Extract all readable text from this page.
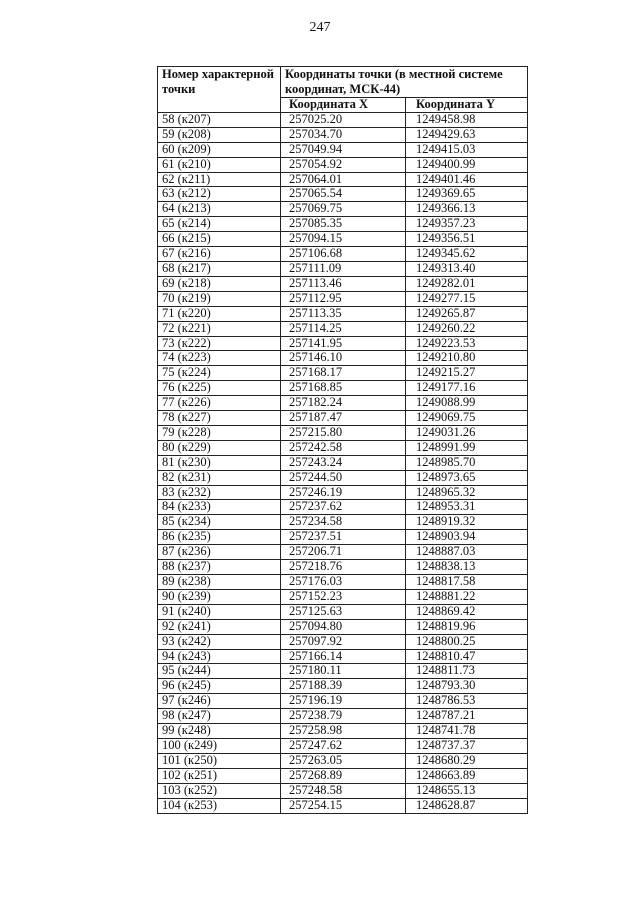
247
Номер характерной точки	Координаты точки (в местной системе координат, МСК-44)	
	Координата X	Координата Y
58 (к207)	257025.20	1249458.98
59 (к208)	257034.70	1249429.63
60 (к209)	257049.94	1249415.03
61 (к210)	257054.92	1249400.99
62 (к211)	257064.01	1249401.46
63 (к212)	257065.54	1249369.65
64 (к213)	257069.75	1249366.13
65 (к214)	257085.35	1249357.23
66 (к215)	257094.15	1249356.51
67 (к216)	257106.68	1249345.62
68 (к217)	257111.09	1249313.40
69 (к218)	257113.46	1249282.01
70 (к219)	257112.95	1249277.15
71 (к220)	257113.35	1249265.87
72 (к221)	257114.25	1249260.22
73 (к222)	257141.95	1249223.53
74 (к223)	257146.10	1249210.80
75 (к224)	257168.17	1249215.27
76 (к225)	257168.85	1249177.16
77 (к226)	257182.24	1249088.99
78 (к227)	257187.47	1249069.75
79 (к228)	257215.80	1249031.26
80 (к229)	257242.58	1248991.99
81 (к230)	257243.24	1248985.70
82 (к231)	257244.50	1248973.65
83 (к232)	257246.19	1248965.32
84 (к233)	257237.62	1248953.31
85 (к234)	257234.58	1248919.32
86 (к235)	257237.51	1248903.94
87 (к236)	257206.71	1248887.03
88 (к237)	257218.76	1248838.13
89 (к238)	257176.03	1248817.58
90 (к239)	257152.23	1248881.22
91 (к240)	257125.63	1248869.42
92 (к241)	257094.80	1248819.96
93 (к242)	257097.92	1248800.25
94 (к243)	257166.14	1248810.47
95 (к244)	257180.11	1248811.73
96 (к245)	257188.39	1248793.30
97 (к246)	257196.19	1248786.53
98 (к247)	257238.79	1248787.21
99 (к248)	257258.98	1248741.78
100 (к249)	257247.62	1248737.37
101 (к250)	257263.05	1248680.29
102 (к251)	257268.89	1248663.89
103 (к252)	257248.58	1248655.13
104 (к253)	257254.15	1248628.87
